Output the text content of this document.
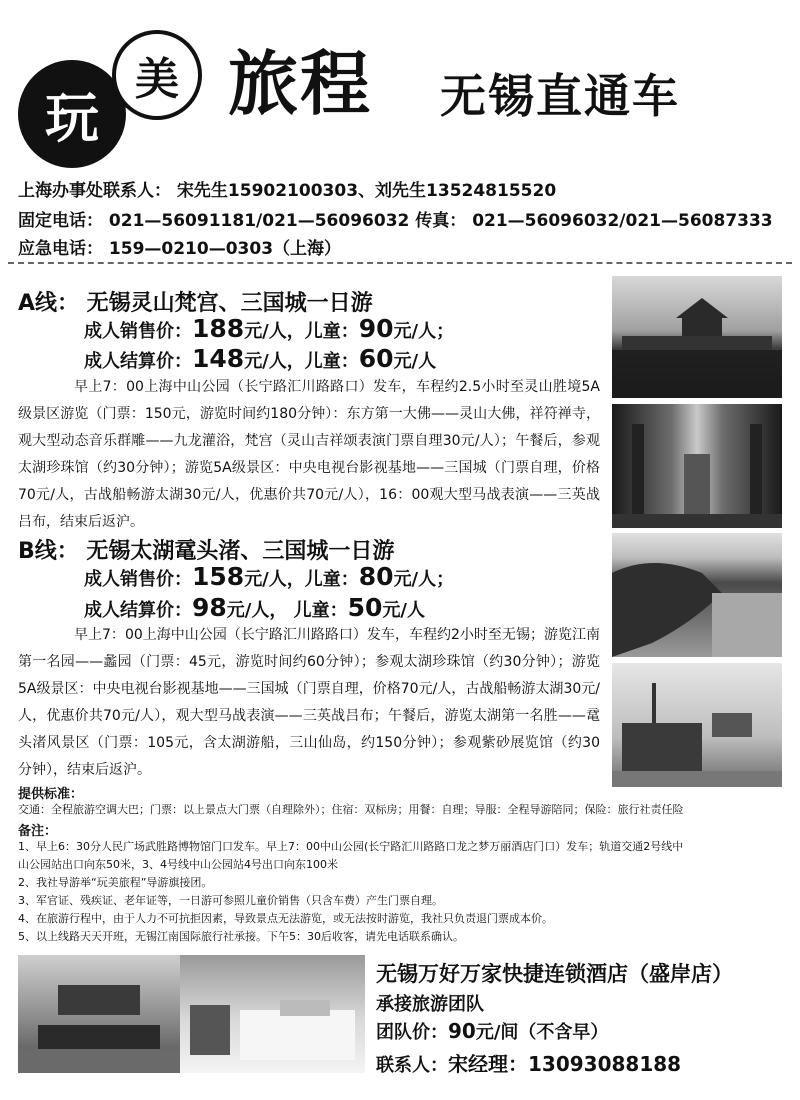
玩
美 旅程 无锡直通车
上海办事处联系人： 宋先生15902100303、刘先生13524815520
固定电话： 021—56091181/021—56096032 传真： 021—56096032/021—56087333
应急电话： 159—0210—0303（上海）
A线： 无锡灵山梵宫、三国城一日游
成人销售价：188元/人，儿童：90元/人；
成人结算价：148元/人，儿童：60元/人
早上7：00上海中山公园（长宁路汇川路路口）发车，车程约2.5小时至灵山胜境5A级景区游览（门票：150元，游览时间约180分钟）：东方第一大佛——灵山大佛，祥符禅寺，观大型动态音乐群雕——九龙灌浴，梵宫（灵山吉祥颂表演门票自理30元/人）；午餐后，参观太湖珍珠馆（约30分钟）；游览5A级景区：中央电视台影视基地——三国城（门票自理，价格70元/人，古战船畅游太湖30元/人，优惠价共70元/人），16：00观大型马战表演——三英战吕布，结束后返沪。
B线： 无锡太湖鼋头渚、三国城一日游
成人销售价：158元/人，儿童：80元/人；
成人结算价：98元/人， 儿童：50元/人
早上7：00上海中山公园（长宁路汇川路路口）发车，车程约2小时至无锡；游览江南第一名园——蠡园（门票：45元，游览时间约60分钟）；参观太湖珍珠馆（约30分钟）；游览5A级景区：中央电视台影视基地——三国城（门票自理，价格70元/人，古战船畅游太湖30元/人，优惠价共70元/人），观大型马战表演——三英战吕布；午餐后，游览太湖第一名胜——鼋头渚风景区（门票：105元，含太湖游船，三山仙岛，约150分钟）；参观紫砂展览馆（约30分钟），结束后返沪。
提供标准：
交通：全程旅游空调大巴；门票：以上景点大门票（自理除外）；住宿：双标房；用餐：自理；导服：全程导游陪同；保险：旅行社责任险
备注：
1、早上6：30分人民广场武胜路博物馆门口发车。早上7：00中山公园(长宁路汇川路路口龙之梦万丽酒店门口）发车；轨道交通2号线中
山公园站出口向东50米，3、4号线中山公园站4号出口向东100米
2、我社导游举“玩美旅程”导游旗接团。
3、军官证、残疾证、老年证等，一日游可参照儿童价销售（只含车费）产生门票自理。
4、在旅游行程中，由于人力不可抗拒因素，导致景点无法游览，或无法按时游览，我社只负责退门票成本价。
5、以上线路天天开班，无锡江南国际旅行社承接。下午5：30后收客，请先电话联系确认。
无锡万好万家快捷连锁酒店（盛岸店）
承接旅游团队
团队价：90元/间（不含早）
联系人：宋经理：13093088188
